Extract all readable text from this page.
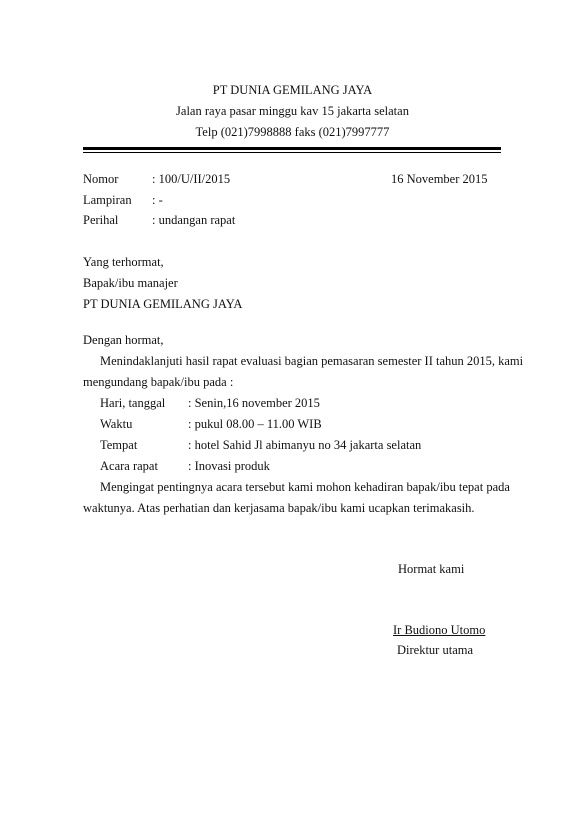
PT DUNIA GEMILANG JAYA
Jalan raya pasar minggu kav 15 jakarta selatan
Telp (021)7998888 faks (021)7997777
Nomor	: 100/U/II/2015	16 November 2015
Lampiran : -
Perihal	: undangan rapat
Yang terhormat,
Bapak/ibu manajer
PT DUNIA GEMILANG JAYA
Dengan hormat,
Menindaklanjuti hasil rapat evaluasi bagian pemasaran semester II tahun 2015, kami
mengundang bapak/ibu pada :
Hari, tanggal : Senin,16 november 2015
Waktu	: pukul 08.00 – 11.00 WIB
Tempat	: hotel Sahid Jl abimanyu no 34 jakarta selatan
Acara rapat : Inovasi produk
Mengingat pentingnya acara tersebut kami mohon kehadiran bapak/ibu tepat pada
waktunya. Atas perhatian dan kerjasama bapak/ibu kami ucapkan terimakasih.
Hormat kami
Ir Budiono Utomo
Direktur utama
